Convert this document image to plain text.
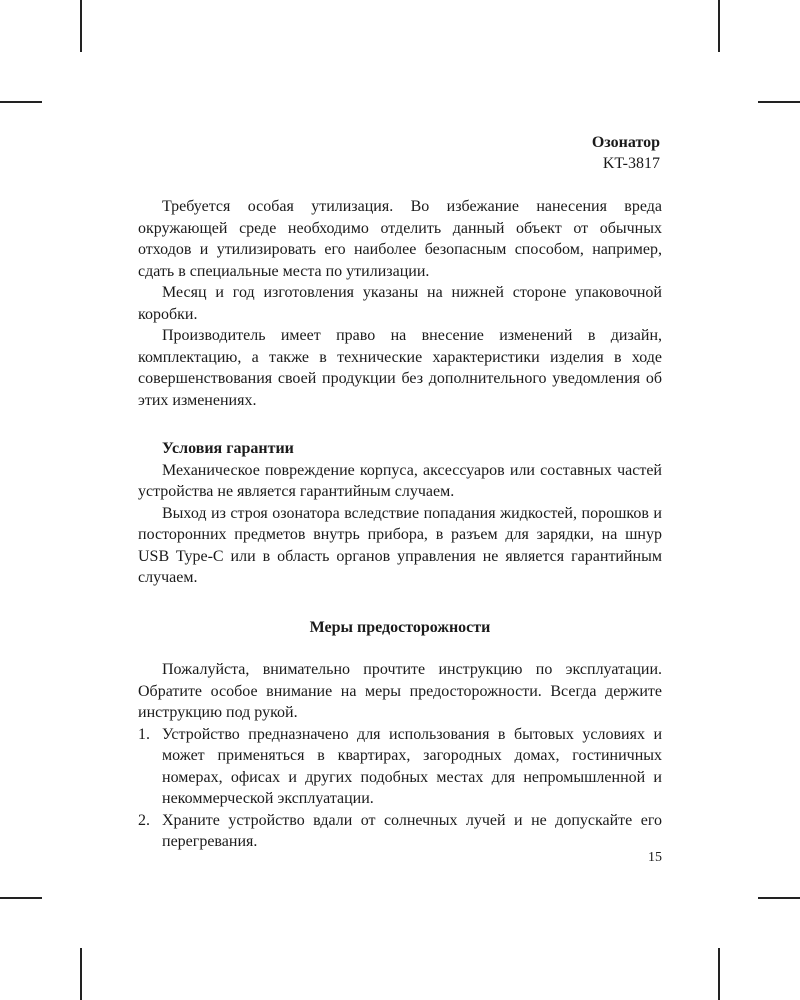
Озонатор
KT-3817

Требуется особая утилизация. Во избежание нанесения вреда окружающей среде необходимо отделить данный объект от обычных отходов и утилизировать его наиболее безопасным способом, например, сдать в специальные места по утилизации.

Месяц и год изготовления указаны на нижней стороне упаковочной коробки.

Производитель имеет право на внесение изменений в дизайн, комплектацию, а также в технические характеристики изделия в ходе совершенствования своей продукции без дополнительного уведомления об этих изменениях.

Условия гарантии

Механическое повреждение корпуса, аксессуаров или составных частей устройства не является гарантийным случаем.

Выход из строя озонатора вследствие попадания жидкостей, порошков и посторонних предметов внутрь прибора, в разъем для зарядки, на шнур USB Type-C или в область органов управления не является гарантийным случаем.

Меры предосторожности

Пожалуйста, внимательно прочтите инструкцию по эксплуатации. Обратите особое внимание на меры предосторожности. Всегда держите инструкцию под рукой.

1. Устройство предназначено для использования в бытовых условиях и может применяться в квартирах, загородных домах, гостиничных номерах, офисах и других подобных местах для непромышленной и некоммерческой эксплуатации.
2. Храните устройство вдали от солнечных лучей и не допускайте его перегревания.
15
